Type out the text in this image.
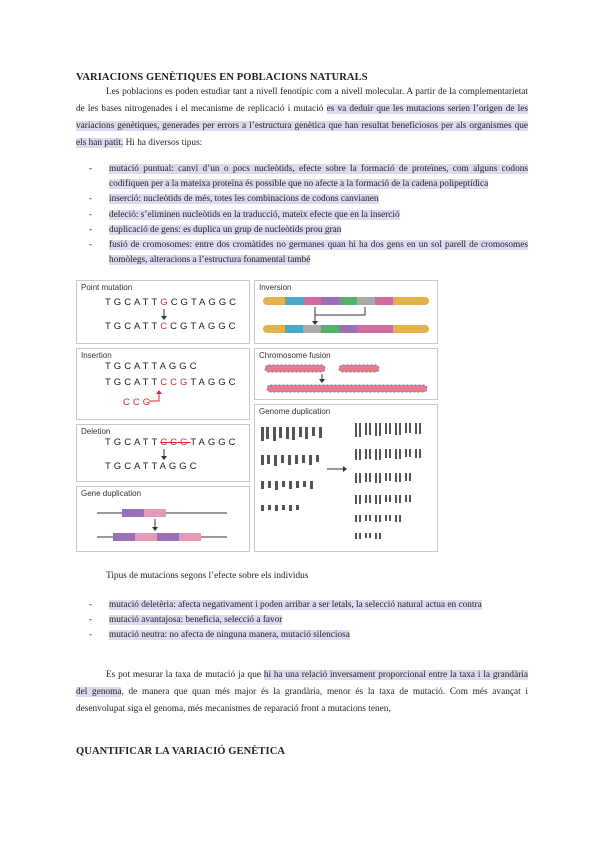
VARIACIONS GENÈTIQUES EN POBLACIONS NATURALS
Les poblacions es poden estudiar tant a nivell fenotípic com a nivell molecular. A partir de la complementarietat de les bases nitrogenades i el mecanisme de replicació i mutació es va deduir que les mutacions serien l’origen de les variacions genètiques, generades per errors a l’estructura genètica que han resultat beneficiosos per als organismes que els han patit. Hi ha diversos tipus:
- mutació puntual: canvi d’un o pocs nucleòtids, efecte sobre la formació de proteïnes, com alguns codons codifiquen per a la mateixa proteïna és possible que no afecte a la formació de la cadena polipeptídica
- inserció: nucleòtids de més, totes les combinacions de codons canvianen
- deleció: s’eliminen nucleòtids en la traducció, mateix efecte que en la inserció
- duplicació de gens: es duplica un grup de nucleòtids prou gran
- fusió de cromosomes: entre dos cromàtides no germanes quan hi ha dos gens en un sol parell de cromosomes homòlegs, alteracions a l’estructura fonamental també
Point mutation
TGCATTGCGTAGGC
TGCATTCCGTAGGC
Insertion
TGCATTAGGC
TGCATTCCGTAGGC
CCG
Deletion
TGCATTCCGTAGGC
TGCATTAGGC
Gene duplication
Inversion
Chromosome fusion
Genome duplication
Tipus de mutacions segons l’efecte sobre els individus
- mutació deletèria: afecta negativament i poden arribar a ser letals, la selecció natural actua en contra
- mutació avantajosa: beneficia, selecció a favor
- mutació neutra: no afecta de ninguna manera, mutació silenciosa
Es pot mesurar la taxa de mutació ja que hi ha una relació inversament proporcional entre la taxa i la grandària del genoma, de manera que quan més major és la grandària, menor és la taxa de mutació. Com més avançat i desenvolupat siga el genoma, més mecanismes de reparació front a mutacions tenen,
QUANTIFICAR LA VARIACIÓ GENÈTICA
